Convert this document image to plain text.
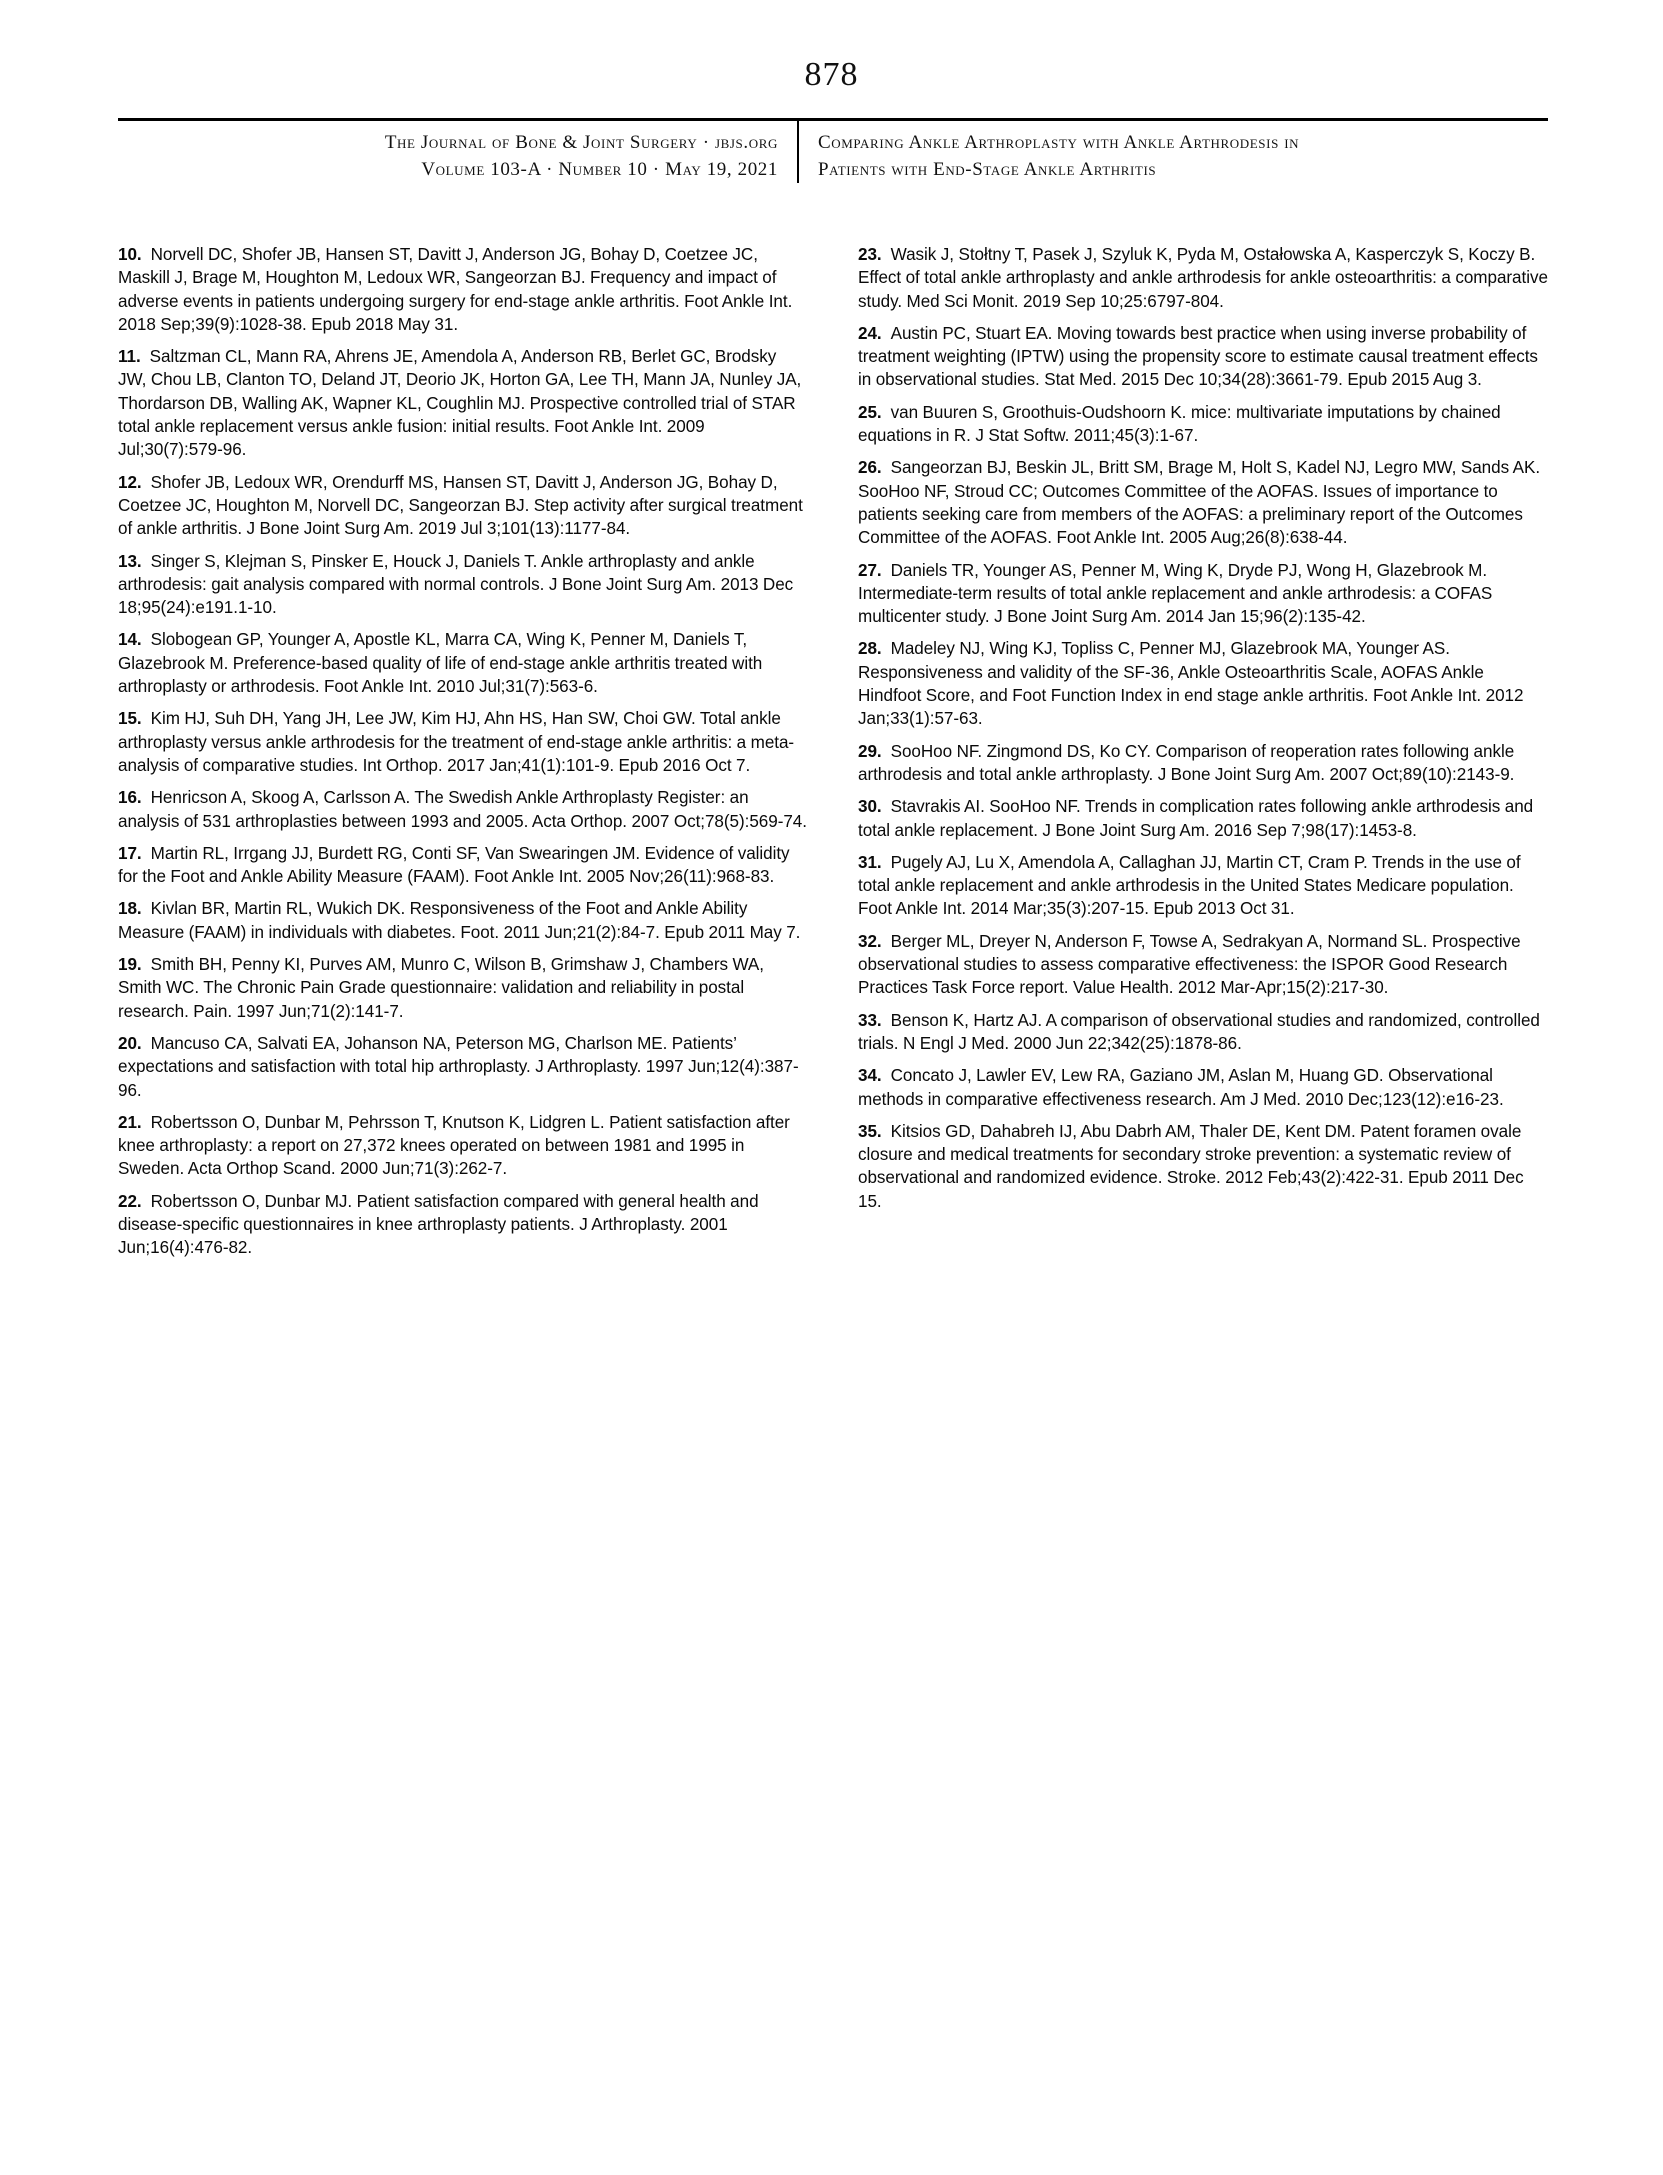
878
The Journal of Bone & Joint Surgery · jbjs.org
Volume 103-A · Number 10 · May 19, 2021
Comparing Ankle Arthroplasty with Ankle Arthrodesis in
Patients with End-Stage Ankle Arthritis

10. Norvell DC, Shofer JB, Hansen ST, Davitt J, Anderson JG, Bohay D, Coetzee JC, Maskill J, Brage M, Houghton M, Ledoux WR, Sangeorzan BJ. Frequency and impact of adverse events in patients undergoing surgery for end-stage ankle arthritis. Foot Ankle Int. 2018 Sep;39(9):1028-38. Epub 2018 May 31.

11. Saltzman CL, Mann RA, Ahrens JE, Amendola A, Anderson RB, Berlet GC, Brodsky JW, Chou LB, Clanton TO, Deland JT, Deorio JK, Horton GA, Lee TH, Mann JA, Nunley JA, Thordarson DB, Walling AK, Wapner KL, Coughlin MJ. Prospective controlled trial of STAR total ankle replacement versus ankle fusion: initial results. Foot Ankle Int. 2009 Jul;30(7):579-96.

12. Shofer JB, Ledoux WR, Orendurff MS, Hansen ST, Davitt J, Anderson JG, Bohay D, Coetzee JC, Houghton M, Norvell DC, Sangeorzan BJ. Step activity after surgical treatment of ankle arthritis. J Bone Joint Surg Am. 2019 Jul 3;101(13):1177-84.

13. Singer S, Klejman S, Pinsker E, Houck J, Daniels T. Ankle arthroplasty and ankle arthrodesis: gait analysis compared with normal controls. J Bone Joint Surg Am. 2013 Dec 18;95(24):e191.1-10.

14. Slobogean GP, Younger A, Apostle KL, Marra CA, Wing K, Penner M, Daniels T, Glazebrook M. Preference-based quality of life of end-stage ankle arthritis treated with arthroplasty or arthrodesis. Foot Ankle Int. 2010 Jul;31(7):563-6.

15. Kim HJ, Suh DH, Yang JH, Lee JW, Kim HJ, Ahn HS, Han SW, Choi GW. Total ankle arthroplasty versus ankle arthrodesis for the treatment of end-stage ankle arthritis: a meta-analysis of comparative studies. Int Orthop. 2017 Jan;41(1):101-9. Epub 2016 Oct 7.

16. Henricson A, Skoog A, Carlsson A. The Swedish Ankle Arthroplasty Register: an analysis of 531 arthroplasties between 1993 and 2005. Acta Orthop. 2007 Oct;78(5):569-74.

17. Martin RL, Irrgang JJ, Burdett RG, Conti SF, Van Swearingen JM. Evidence of validity for the Foot and Ankle Ability Measure (FAAM). Foot Ankle Int. 2005 Nov;26(11):968-83.

18. Kivlan BR, Martin RL, Wukich DK. Responsiveness of the Foot and Ankle Ability Measure (FAAM) in individuals with diabetes. Foot. 2011 Jun;21(2):84-7. Epub 2011 May 7.

19. Smith BH, Penny KI, Purves AM, Munro C, Wilson B, Grimshaw J, Chambers WA, Smith WC. The Chronic Pain Grade questionnaire: validation and reliability in postal research. Pain. 1997 Jun;71(2):141-7.

20. Mancuso CA, Salvati EA, Johanson NA, Peterson MG, Charlson ME. Patients’ expectations and satisfaction with total hip arthroplasty. J Arthroplasty. 1997 Jun;12(4):387-96.

21. Robertsson O, Dunbar M, Pehrsson T, Knutson K, Lidgren L. Patient satisfaction after knee arthroplasty: a report on 27,372 knees operated on between 1981 and 1995 in Sweden. Acta Orthop Scand. 2000 Jun;71(3):262-7.

22. Robertsson O, Dunbar MJ. Patient satisfaction compared with general health and disease-specific questionnaires in knee arthroplasty patients. J Arthroplasty. 2001 Jun;16(4):476-82.

23. Wasik J, Stołtny T, Pasek J, Szyluk K, Pyda M, Ostałowska A, Kasperczyk S, Koczy B. Effect of total ankle arthroplasty and ankle arthrodesis for ankle osteoarthritis: a comparative study. Med Sci Monit. 2019 Sep 10;25:6797-804.

24. Austin PC, Stuart EA. Moving towards best practice when using inverse probability of treatment weighting (IPTW) using the propensity score to estimate causal treatment effects in observational studies. Stat Med. 2015 Dec 10;34(28):3661-79. Epub 2015 Aug 3.

25. van Buuren S, Groothuis-Oudshoorn K. mice: multivariate imputations by chained equations in R. J Stat Softw. 2011;45(3):1-67.

26. Sangeorzan BJ, Beskin JL, Britt SM, Brage M, Holt S, Kadel NJ, Legro MW, Sands AK. SooHoo NF, Stroud CC; Outcomes Committee of the AOFAS. Issues of importance to patients seeking care from members of the AOFAS: a preliminary report of the Outcomes Committee of the AOFAS. Foot Ankle Int. 2005 Aug;26(8):638-44.

27. Daniels TR, Younger AS, Penner M, Wing K, Dryde PJ, Wong H, Glazebrook M. Intermediate-term results of total ankle replacement and ankle arthrodesis: a COFAS multicenter study. J Bone Joint Surg Am. 2014 Jan 15;96(2):135-42.

28. Madeley NJ, Wing KJ, Topliss C, Penner MJ, Glazebrook MA, Younger AS. Responsiveness and validity of the SF-36, Ankle Osteoarthritis Scale, AOFAS Ankle Hindfoot Score, and Foot Function Index in end stage ankle arthritis. Foot Ankle Int. 2012 Jan;33(1):57-63.

29. SooHoo NF. Zingmond DS, Ko CY. Comparison of reoperation rates following ankle arthrodesis and total ankle arthroplasty. J Bone Joint Surg Am. 2007 Oct;89(10):2143-9.

30. Stavrakis AI. SooHoo NF. Trends in complication rates following ankle arthrodesis and total ankle replacement. J Bone Joint Surg Am. 2016 Sep 7;98(17):1453-8.

31. Pugely AJ, Lu X, Amendola A, Callaghan JJ, Martin CT, Cram P. Trends in the use of total ankle replacement and ankle arthrodesis in the United States Medicare population. Foot Ankle Int. 2014 Mar;35(3):207-15. Epub 2013 Oct 31.

32. Berger ML, Dreyer N, Anderson F, Towse A, Sedrakyan A, Normand SL. Prospective observational studies to assess comparative effectiveness: the ISPOR Good Research Practices Task Force report. Value Health. 2012 Mar-Apr;15(2):217-30.

33. Benson K, Hartz AJ. A comparison of observational studies and randomized, controlled trials. N Engl J Med. 2000 Jun 22;342(25):1878-86.

34. Concato J, Lawler EV, Lew RA, Gaziano JM, Aslan M, Huang GD. Observational methods in comparative effectiveness research. Am J Med. 2010 Dec;123(12):e16-23.

35. Kitsios GD, Dahabreh IJ, Abu Dabrh AM, Thaler DE, Kent DM. Patent foramen ovale closure and medical treatments for secondary stroke prevention: a systematic review of observational and randomized evidence. Stroke. 2012 Feb;43(2):422-31. Epub 2011 Dec 15.
